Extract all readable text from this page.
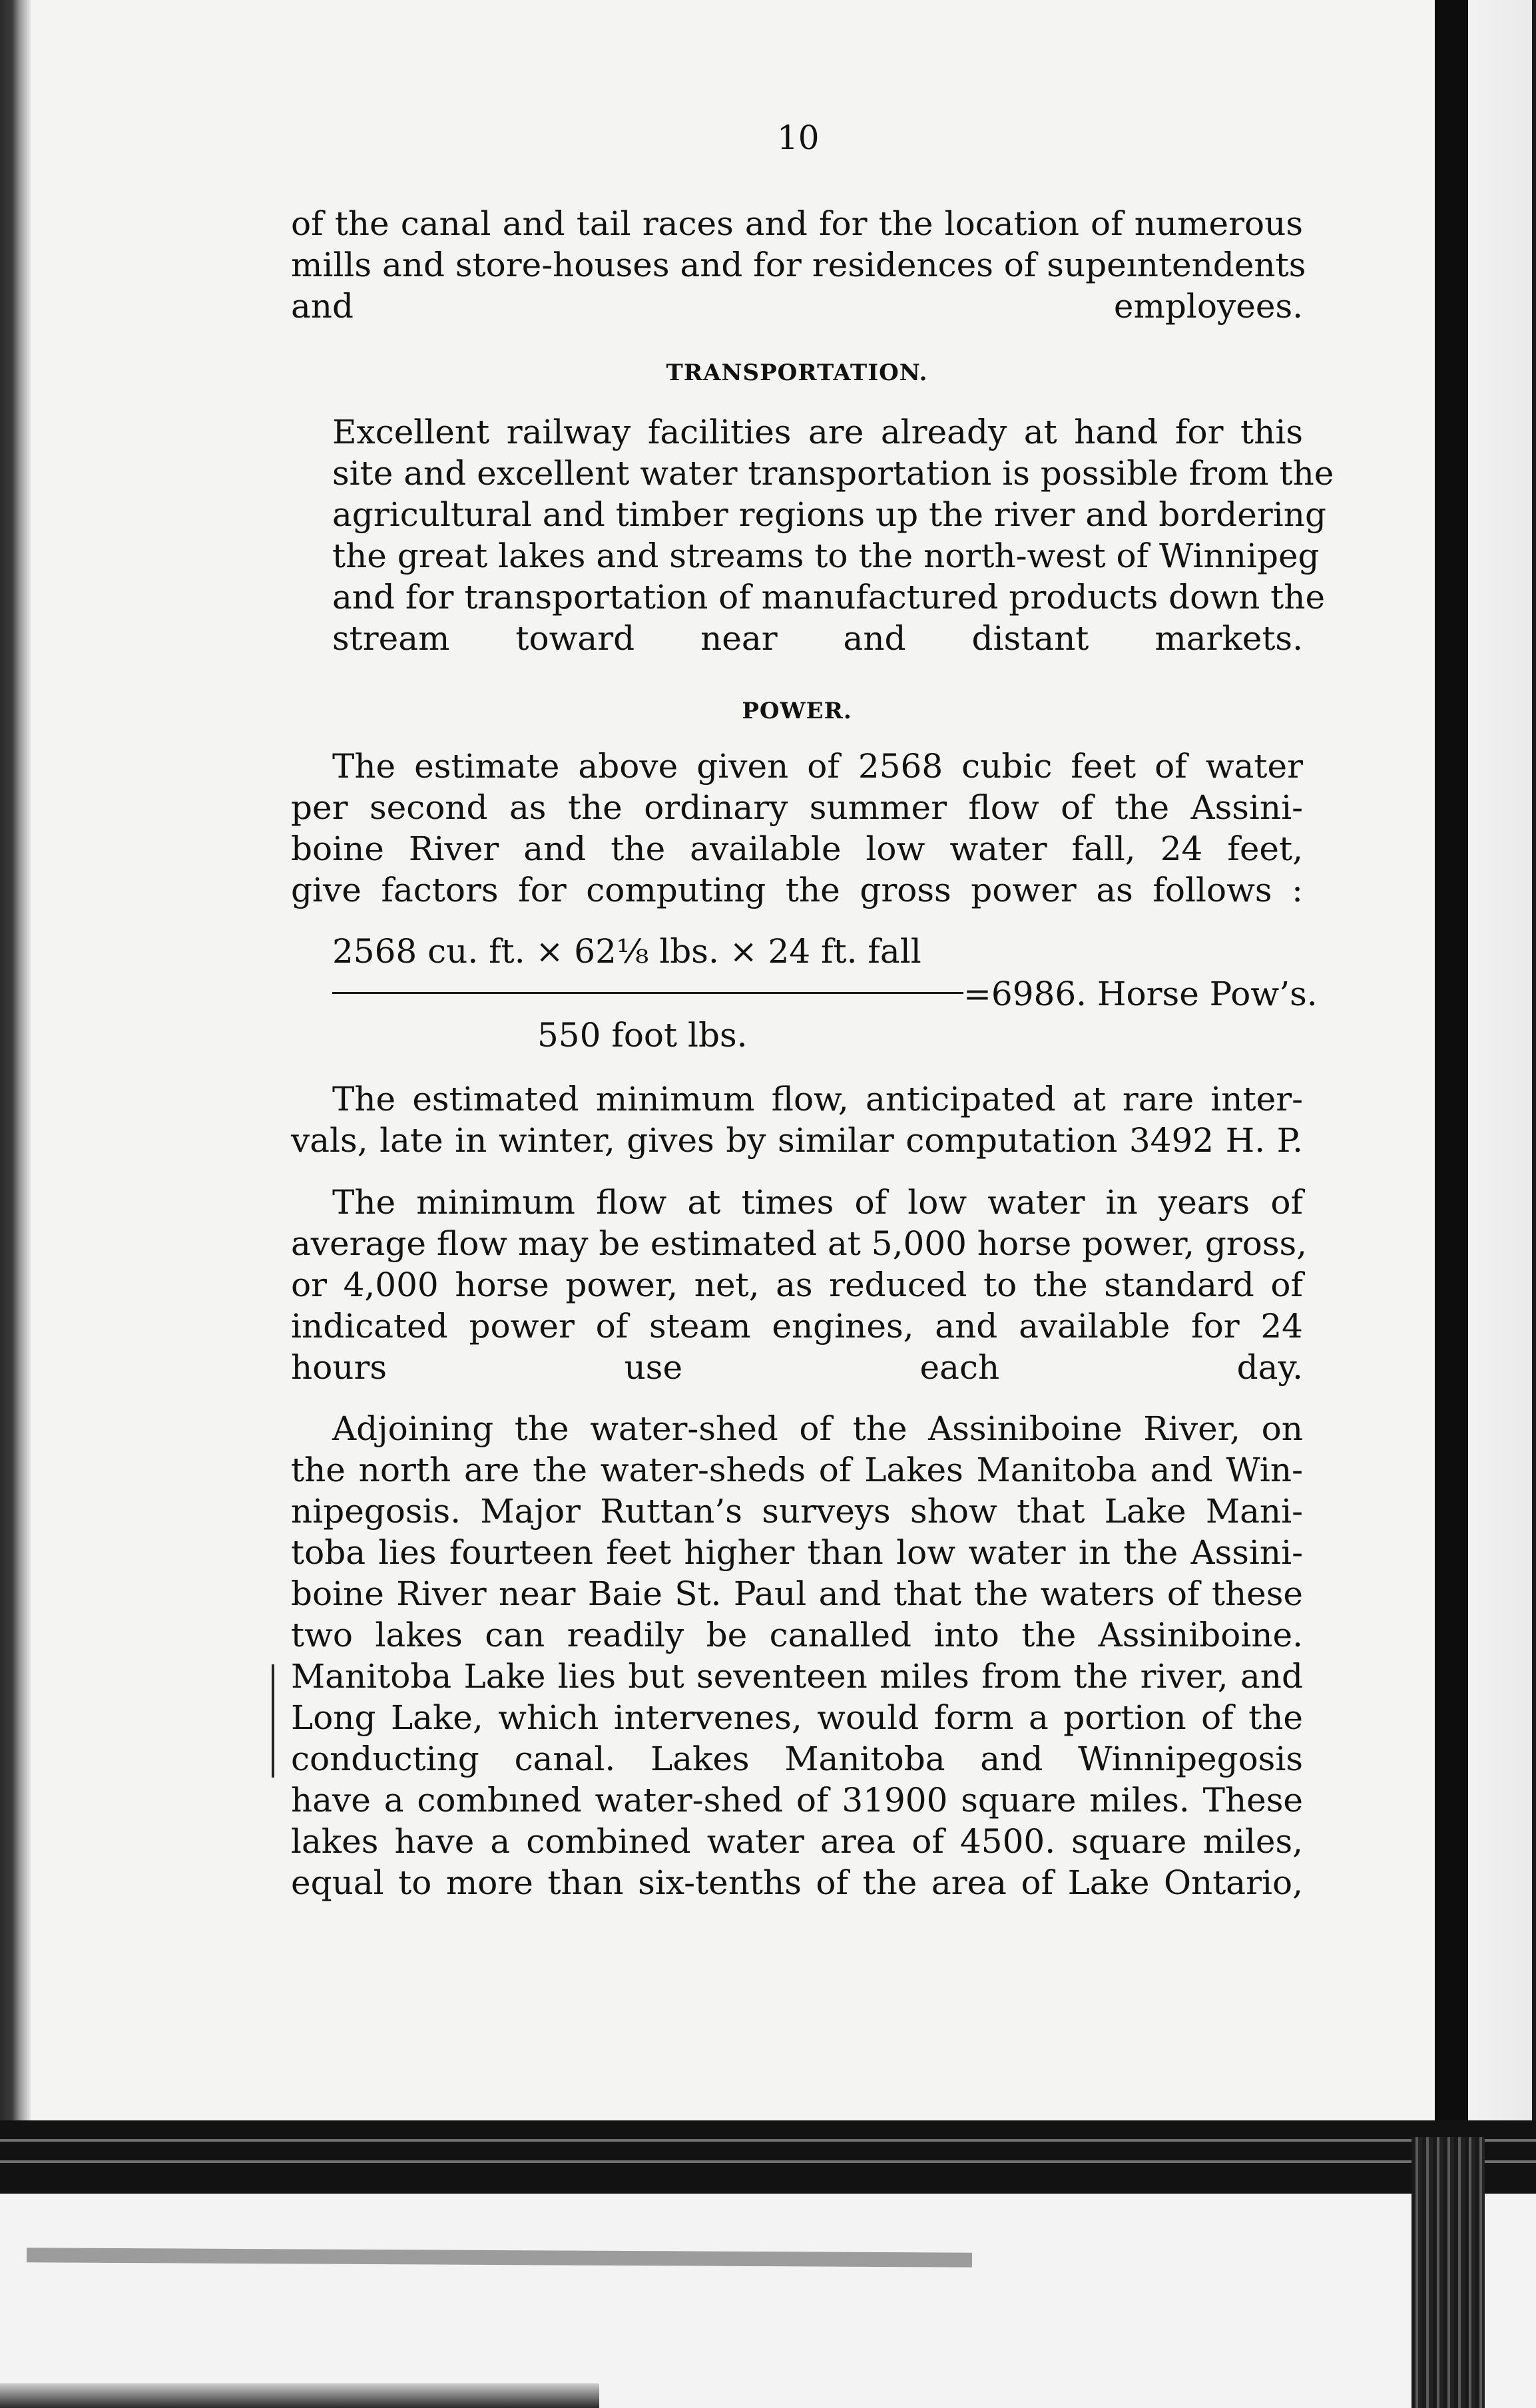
10
of the canal and tail races and for the location of numerous
mills and store-houses and for residences of supeıntendents
and employees.
TRANSPORTATION.
Excellent railway facilities are already at hand for this
site and excellent water transportation is possible from the
agricultural and timber regions up the river and bordering
the great lakes and streams to the north-west of Winnipeg
and for transportation of manufactured products down the
stream toward near and distant markets.
POWER.
The estimate above given of 2568 cubic feet of water
per second as the ordinary summer flow of the Assini-
boine River and the available low water fall, 24 feet,
give factors for computing the gross power as follows :
2568 cu. ft. × 62⅛ lbs. × 24 ft. fall
=6986. Horse Pow’s.
550 foot lbs.
The estimated minimum flow, anticipated at rare inter-
vals, late in winter, gives by similar computation 3492 H. P.
The minimum flow at times of low water in years of
average flow may be estimated at 5,000 horse power, gross,
or 4,000 horse power, net, as reduced to the standard of
indicated power of steam engines, and available for 24
hours use each day.
Adjoining the water-shed of the Assiniboine River, on
the north are the water-sheds of Lakes Manitoba and Win-
nipegosis. Major Ruttan’s surveys show that Lake Mani-
toba lies fourteen feet higher than low water in the Assini-
boine River near Baie St. Paul and that the waters of these
two lakes can readily be canalled into the Assiniboine.
Manitoba Lake lies but seventeen miles from the river, and
Long Lake, which intervenes, would form a portion of the
conducting canal. Lakes Manitoba and Winnipegosis
have a combıned water-shed of 31900 square miles. These
lakes have a combined water area of 4500. square miles,
equal to more than six-tenths of the area of Lake Ontario,
